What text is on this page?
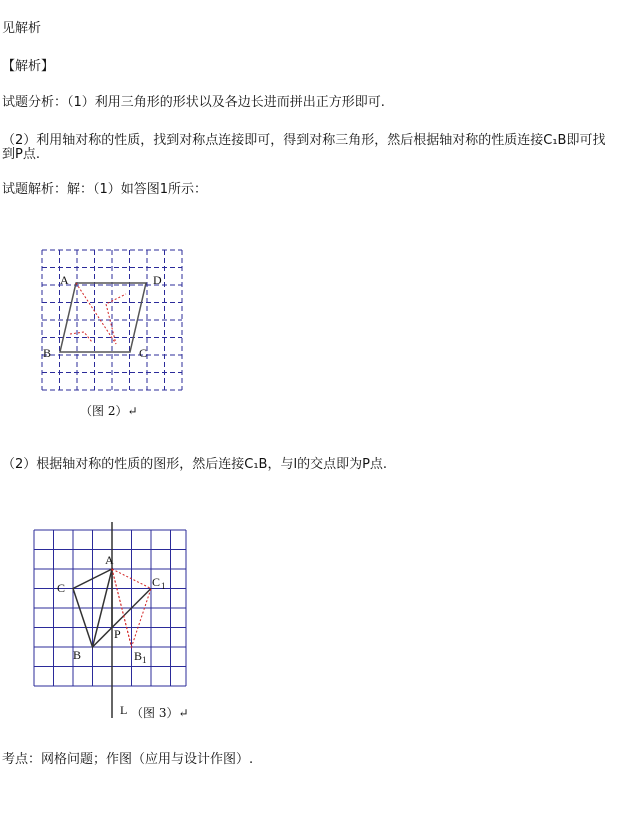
见解析
【解析】
试题分析：（1）利用三角形的形状以及各边长进而拼出正方形即可.
（2）利用轴对称的性质，找到对称点连接即可，得到对称三角形，然后根据轴对称的性质连接C₁B即可找
到P点.
试题解析：解：（1）如答图1所示：
A	D
B	C
（图 2）↵
（2）根据轴对称的性质的图形，然后连接C₁B，与l的交点即为P点.
A
C	C 1
P
B	B 1
L （图 3）↵
考点：网格问题；作图（应用与设计作图）.
